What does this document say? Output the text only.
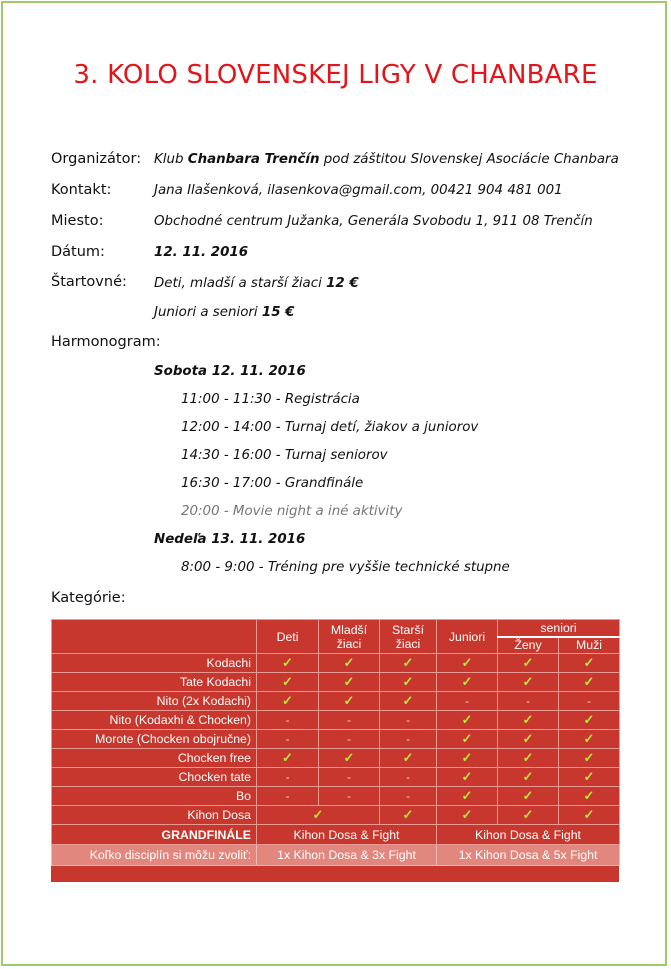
3. KOLO SLOVENSKEJ LIGY V CHANBARE
Organizátor: Klub Chanbara Trenčín pod záštitou Slovenskej Asociácie Chanbara
Kontakt:	Jana Ilašenková, ilasenkova@gmail.com, 00421 904 481 001
Miesto:	Obchodné centrum Južanka, Generála Svobodu 1, 911 08 Trenčín
Dátum:	12. 11. 2016
Štartovné: Deti, mladší a starší žiaci 12 €
Juniori a seniori 15 €
Harmonogram:
Sobota 12. 11. 2016
11:00 - 11:30 - Registrácia
12:00 - 14:00 - Turnaj detí, žiakov a juniorov
14:30 - 16:00 - Turnaj seniorov
16:30 - 17:00 - Grandfinále
20:00 - Movie night a iné aktivity
Nedeľa 13. 11. 2016
8:00 - 9:00 - Tréning pre vyššie technické stupne
Kategórie:
	Deti	Mladší žiaci	Starší žiaci	Juniori	seniori	
					Ženy	Muži
Kodachi	✓	✓	✓	✓	✓	✓
Tate Kodachi	✓	✓	✓	✓	✓	✓
Nito (2x Kodachi)	✓	✓	✓	-	-	-
Nito (Kodaxhi & Chocken)	-	-	-	✓	✓	✓
Morote (Chocken obojručne)	-	-	-	✓	✓	✓
Chocken free	✓	✓	✓	✓	✓	✓
Chocken tate	-	-	-	✓	✓	✓
Bo	-	-	-	✓	✓	✓
Kihon Dosa	✓		✓	✓	✓	✓
GRANDFINÁLE	Kihon Dosa & Fight			Kihon Dosa & Fight		
Koľko disciplín si môžu zvoliť:	1x Kihon Dosa & 3x Fight			1x Kihon Dosa & 5x Fight		
